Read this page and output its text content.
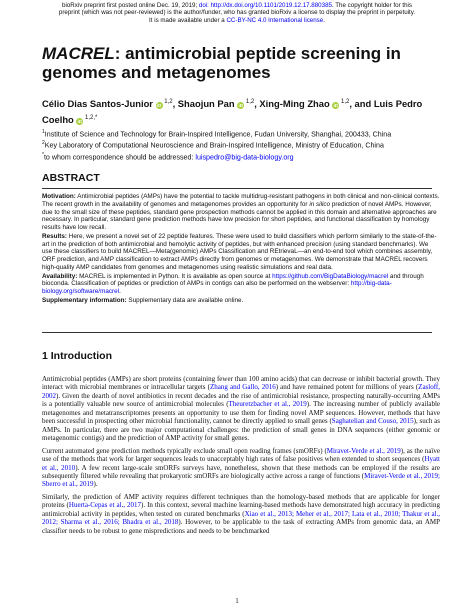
bioRxiv preprint first posted online Dec. 19, 2019; doi: http://dx.doi.org/10.1101/2019.12.17.880385. The copyright holder for this
preprint (which was not peer-reviewed) is the author/funder, who has granted bioRxiv a license to display the preprint in perpetuity.
It is made available under a CC-BY-NC 4.0 International license.
MACREL: antimicrobial peptide screening in genomes and metagenomes
Célio Dias Santos-Junior iD $^{1,2}$, Shaojun Pan iD $^{1,2}$, Xing-Ming Zhao iD $^{1,2}$, and Luis Pedro Coelho iD $^{1,2,*}$
$^1$Institute of Science and Technology for Brain-Inspired Intelligence, Fudan University, Shanghai, 200433, China
$^2$Key Laboratory of Computational Neuroscience and Brain-Inspired Intelligence, Ministry of Education, China
*to whom correspondence should be addressed: luispedro@big-data-biology.org
ABSTRACT

Motivation: Antimicrobial peptides (AMPs) have the potential to tackle multidrug-resistant pathogens in both clinical and non-clinical contexts. The recent growth in the availability of genomes and metagenomes provides an opportunity for in silico prediction of novel AMPs. However, due to the small size of these peptides, standard gene prospection methods cannot be applied in this domain and alternative approaches are necessary. In particular, standard gene prediction methods have low precision for short peptides, and functional classification by homology results have low recall.

Results: Here, we present a novel set of 22 peptide features. These were used to build classifiers which perform similarly to the state-of-the-art in the prediction of both antimicrobial and hemolytic activity of peptides, but with enhanced precision (using standard benchmarks). We use these classifiers to build MACREL—Meta(genomic) AMPs Classification and REtrievaL—an end-to-end tool which combines assembly, ORF prediction, and AMP classification to extract AMPs directly from genomes or metagenomes. We demonstrate that MACREL recovers high-quality AMP candidates from genomes and metagenomes using realistic simulations and real data.

Availability: MACREL is implemented in Python. It is available as open source at https://github.com/BigDataBiology/macrel and through bioconda. Classification of peptides or prediction of AMPs in contigs can also be performed on the webserver: http://big-data-biology.org/software/macrel.

Supplementary information: Supplementary data are available online.

1 Introduction

Antimicrobial peptides (AMPs) are short proteins (containing fewer than 100 amino acids) that can decrease or inhibit bacterial growth. They interact with microbial membranes or intracellular targets (Zhang and Gallo, 2016) and have remained potent for millions of years (Zasloff, 2002). Given the dearth of novel antibiotics in recent decades and the rise of antimicrobial resistance, prospecting naturally-occurring AMPs is a potentially valuable new source of antimicrobial molecules (Theuretzbacher et al., 2019). The increasing number of publicly available metagenomes and metatranscriptomes presents an opportunity to use them for finding novel AMP sequences. However, methods that have been successful in prospecting other microbial functionality, cannot be directly applied to small genes (Saghatelian and Couso, 2015), such as AMPs. In particular, there are two major computational challenges: the prediction of small genes in DNA sequences (either genomic or metagenomic contigs) and the prediction of AMP activity for small genes.

Current automated gene prediction methods typically exclude small open reading frames (smORFs) (Miravet-Verde et al., 2019), as the naïve use of the methods that work for larger sequences leads to unacceptably high rates of false positives when extended to short sequences (Hyatt et al., 2010). A few recent large-scale smORFs surveys have, nonetheless, shown that these methods can be employed if the results are subsequently filtered while revealing that prokaryotic smORFs are biologically active across a range of functions (Miravet-Verde et al., 2019; Sberro et al., 2019).

Similarly, the prediction of AMP activity requires different techniques than the homology-based methods that are applicable for longer proteins (Huerta-Cepas et al., 2017). In this context, several machine learning-based methods have demonstrated high accuracy in predicting antimicrobial activity in peptides, when tested on curated benchmarks (Xiao et al., 2013; Meher et al., 2017; Lata et al., 2010; Thakur et al., 2012; Sharma et al., 2016; Bhadra et al., 2018). However, to be applicable to the task of extracting AMPs from genomic data, an AMP classifier needs to be robust to gene mispredictions and needs to be benchmarked

1
